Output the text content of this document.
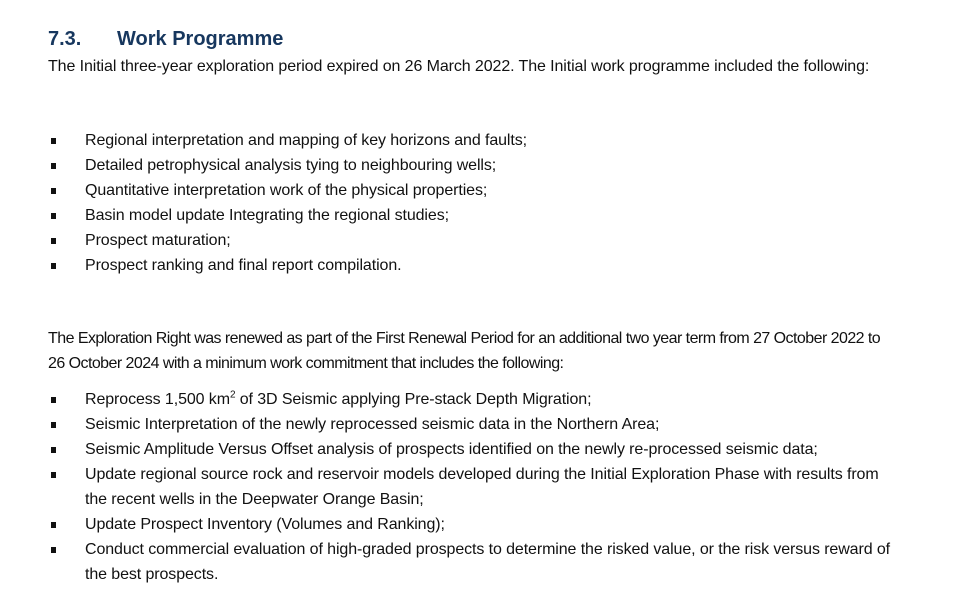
7.3.	Work Programme

The Initial three-year exploration period expired on 26 March 2022. The Initial work programme included the following:

Regional interpretation and mapping of key horizons and faults;
Detailed petrophysical analysis tying to neighbouring wells;
Quantitative interpretation work of the physical properties;
Basin model update Integrating the regional studies;
Prospect maturation;
Prospect ranking and final report compilation.

The Exploration Right was renewed as part of the First Renewal Period for an additional two year term from 27 October 2022 to 26 October 2024 with a minimum work commitment that includes the following:

Reprocess 1,500 $km^2$ of 3D Seismic applying Pre-stack Depth Migration;
Seismic Interpretation of the newly reprocessed seismic data in the Northern Area;
Seismic Amplitude Versus Offset analysis of prospects identified on the newly re-processed seismic data;
Update regional source rock and reservoir models developed during the Initial Exploration Phase with results from the recent wells in the Deepwater Orange Basin;
Update Prospect Inventory (Volumes and Ranking);
Conduct commercial evaluation of high-graded prospects to determine the risked value, or the risk versus reward of the best prospects.
